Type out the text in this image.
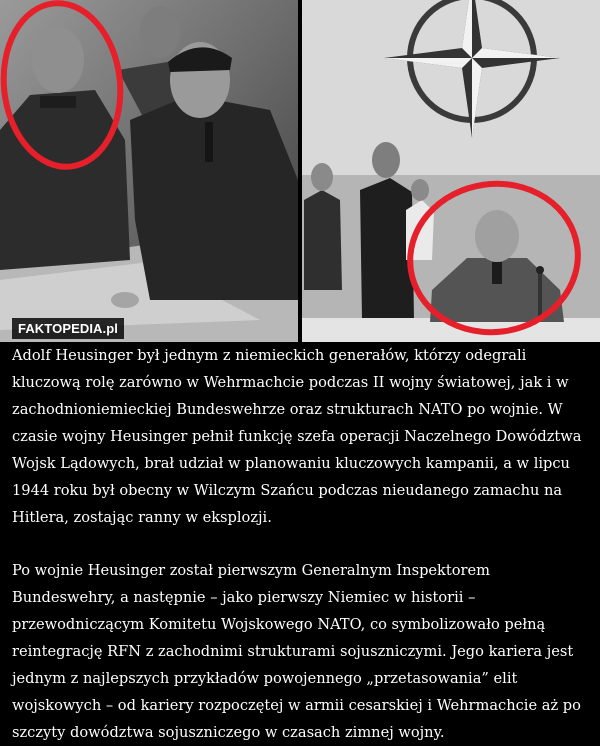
FAKTOPEDIA.pl

Adolf Heusinger był jednym z niemieckich generałów, którzy odegrali kluczową rolę zarówno w Wehrmachcie podczas II wojny światowej, jak i w zachodnioniemieckiej Bundeswehrze oraz strukturach NATO po wojnie. W czasie wojny Heusinger pełnił funkcję szefa operacji Naczelnego Dowództwa Wojsk Lądowych, brał udział w planowaniu kluczowych kampanii, a w lipcu 1944 roku był obecny w Wilczym Szańcu podczas nieudanego zamachu na Hitlera, zostając ranny w eksplozji.

Po wojnie Heusinger został pierwszym Generalnym Inspektorem Bundeswehry, a następnie – jako pierwszy Niemiec w historii – przewodniczącym Komitetu Wojskowego NATO, co symbolizowało pełną reintegrację RFN z zachodnimi strukturami sojuszniczymi. Jego kariera jest jednym z najlepszych przykładów powojennego „przetasowania” elit wojskowych – od kariery rozpoczętej w armii cesarskiej i Wehrmachcie aż po szczyty dowództwa sojuszniczego w czasach zimnej wojny.
